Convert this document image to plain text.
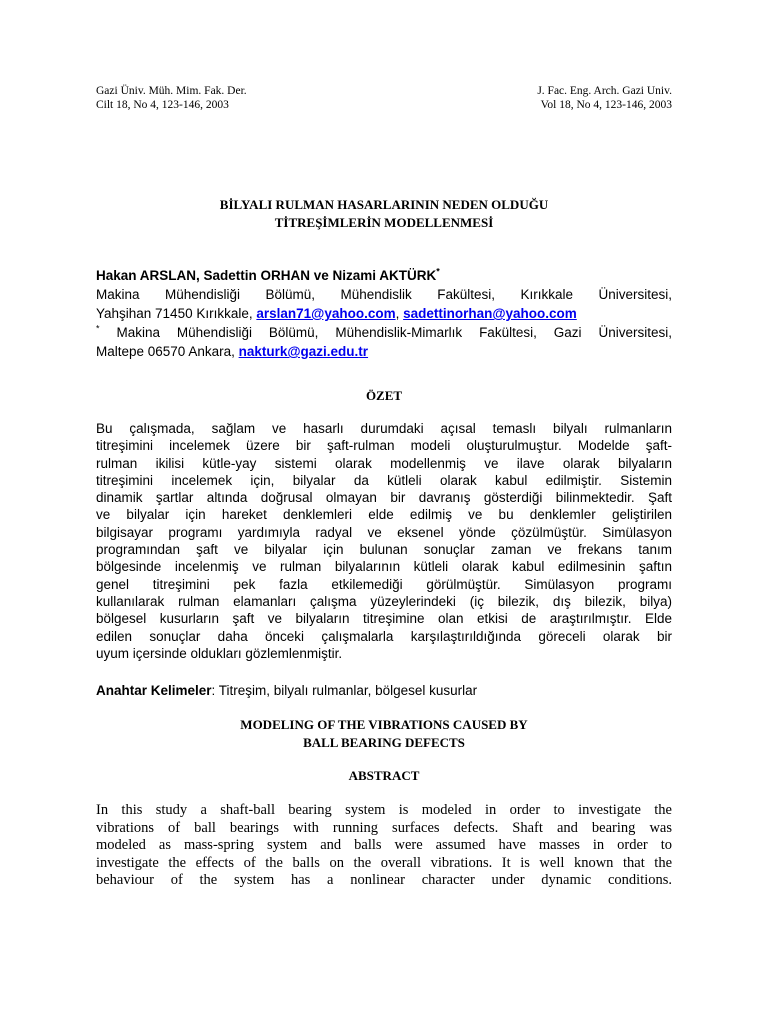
Gazi Üniv. Müh. Mim. Fak. Der.
Cilt 18, No 4, 123-146, 2003
J. Fac. Eng. Arch. Gazi Univ.
Vol 18, No 4, 123-146, 2003
BİLYALI RULMAN HASARLARININ NEDEN OLDUĞU
TİTREŞİMLERİN MODELLENMESİ
Hakan ARSLAN, Sadettin ORHAN ve Nizami AKTÜRK*
Makina Mühendisliği Bölümü, Mühendislik Fakültesi, Kırıkkale Üniversitesi,
Yahşihan 71450 Kırıkkale, arslan71@yahoo.com, sadettinorhan@yahoo.com
* Makina Mühendisliği Bölümü, Mühendislik-Mimarlık Fakültesi, Gazi Üniversitesi,
Maltepe 06570 Ankara, nakturk@gazi.edu.tr
ÖZET
Bu çalışmada, sağlam ve hasarlı durumdaki açısal temaslı bilyalı rulmanların
titreşimini incelemek üzere bir şaft-rulman modeli oluşturulmuştur. Modelde şaft-
rulman ikilisi kütle-yay sistemi olarak modellenmiş ve ilave olarak bilyaların
titreşimini incelemek için, bilyalar da kütleli olarak kabul edilmiştir. Sistemin
dinamik şartlar altında doğrusal olmayan bir davranış gösterdiği bilinmektedir. Şaft
ve bilyalar için hareket denklemleri elde edilmiş ve bu denklemler geliştirilen
bilgisayar programı yardımıyla radyal ve eksenel yönde çözülmüştür. Simülasyon
programından şaft ve bilyalar için bulunan sonuçlar zaman ve frekans tanım
bölgesinde incelenmiş ve rulman bilyalarının kütleli olarak kabul edilmesinin şaftın
genel titreşimini pek fazla etkilemediği görülmüştür. Simülasyon programı
kullanılarak rulman elamanları çalışma yüzeylerindeki (iç bilezik, dış bilezik, bilya)
bölgesel kusurların şaft ve bilyaların titreşimine olan etkisi de araştırılmıştır. Elde
edilen sonuçlar daha önceki çalışmalarla karşılaştırıldığında göreceli olarak bir
uyum içersinde oldukları gözlemlenmiştir.
Anahtar Kelimeler: Titreşim, bilyalı rulmanlar, bölgesel kusurlar
MODELING OF THE VIBRATIONS CAUSED BY
BALL BEARING DEFECTS
ABSTRACT
In this study a shaft-ball bearing system is modeled in order to investigate the
vibrations of ball bearings with running surfaces defects. Shaft and bearing was
modeled as mass-spring system and balls were assumed have masses in order to
investigate the effects of the balls on the overall vibrations. It is well known that the
behaviour of the system has a nonlinear character under dynamic conditions.
